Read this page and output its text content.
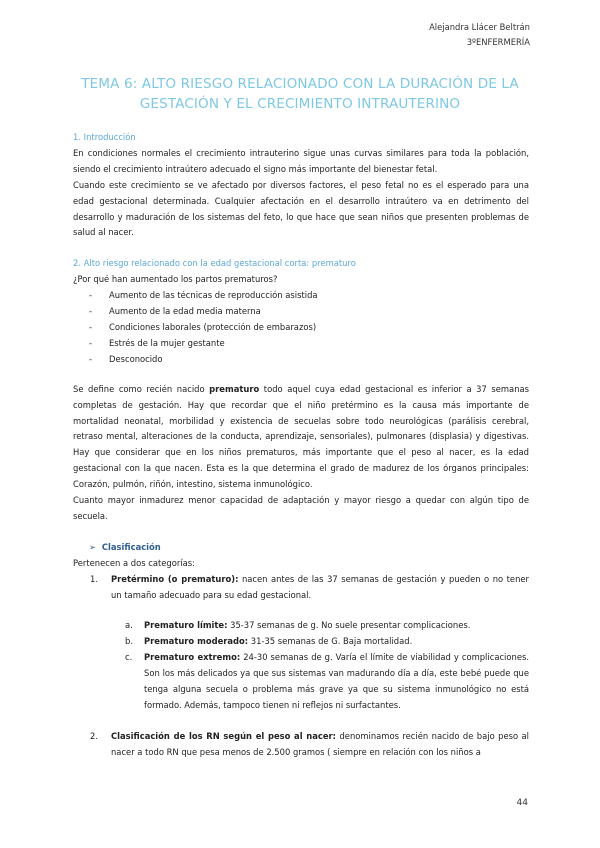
Alejandra Llácer Beltrán
3ºENFERMERÍA
TEMA 6: ALTO RIESGO RELACIONADO CON LA DURACIÓN DE LA
GESTACIÓN Y EL CRECIMIENTO INTRAUTERINO
1. Introducción

En condiciones normales el crecimiento intrauterino sigue unas curvas similares para toda la población, siendo el crecimiento intraútero adecuado el signo más importante del bienestar fetal.

Cuando este crecimiento se ve afectado por diversos factores, el peso fetal no es el esperado para una edad gestacional determinada. Cualquier afectación en el desarrollo intraútero va en detrimento del desarrollo y maduración de los sistemas del feto, lo que hace que sean niños que presenten problemas de salud al nacer.

2. Alto riesgo relacionado con la edad gestacional corta: prematuro

¿Por qué han aumentado los partos prematuros?

- Aumento de las técnicas de reproducción asistida
- Aumento de la edad media materna
- Condiciones laborales (protección de embarazos)
- Estrés de la mujer gestante
- Desconocido

Se define como recién nacido prematuro todo aquel cuya edad gestacional es inferior a 37 semanas completas de gestación. Hay que recordar que el niño pretérmino es la causa más importante de mortalidad neonatal, morbilidad y existencia de secuelas sobre todo neurológicas (parálisis cerebral, retraso mental, alteraciones de la conducta, aprendizaje, sensoriales), pulmonares (displasia) y digestivas. Hay que considerar que en los niños prematuros, más importante que el peso al nacer, es la edad gestacional con la que nacen. Esta es la que determina el grado de madurez de los órganos principales: Corazón, pulmón, riñón, intestino, sistema inmunológico.

Cuanto mayor inmadurez menor capacidad de adaptación y mayor riesgo a quedar con algún tipo de secuela.

➢ Clasificación

Pertenecen a dos categorías:

1. Pretérmino (o prematuro): nacen antes de las 37 semanas de gestación y pueden o no tener un tamaño adecuado para su edad gestacional.
a. Prematuro límite: 35-37 semanas de g. No suele presentar complicaciones.
b. Prematuro moderado: 31-35 semanas de G. Baja mortalidad.
c. Prematuro extremo: 24-30 semanas de g. Varía el límite de viabilidad y complicaciones. Son los más delicados ya que sus sistemas van madurando día a día, este bebé puede que tenga alguna secuela o problema más grave ya que su sistema inmunológico no está formado. Además, tampoco tienen ni reflejos ni surfactantes.
2. Clasificación de los RN según el peso al nacer: denominamos recién nacido de bajo peso al nacer a todo RN que pesa menos de 2.500 gramos ( siempre en relación con los niños a
44
